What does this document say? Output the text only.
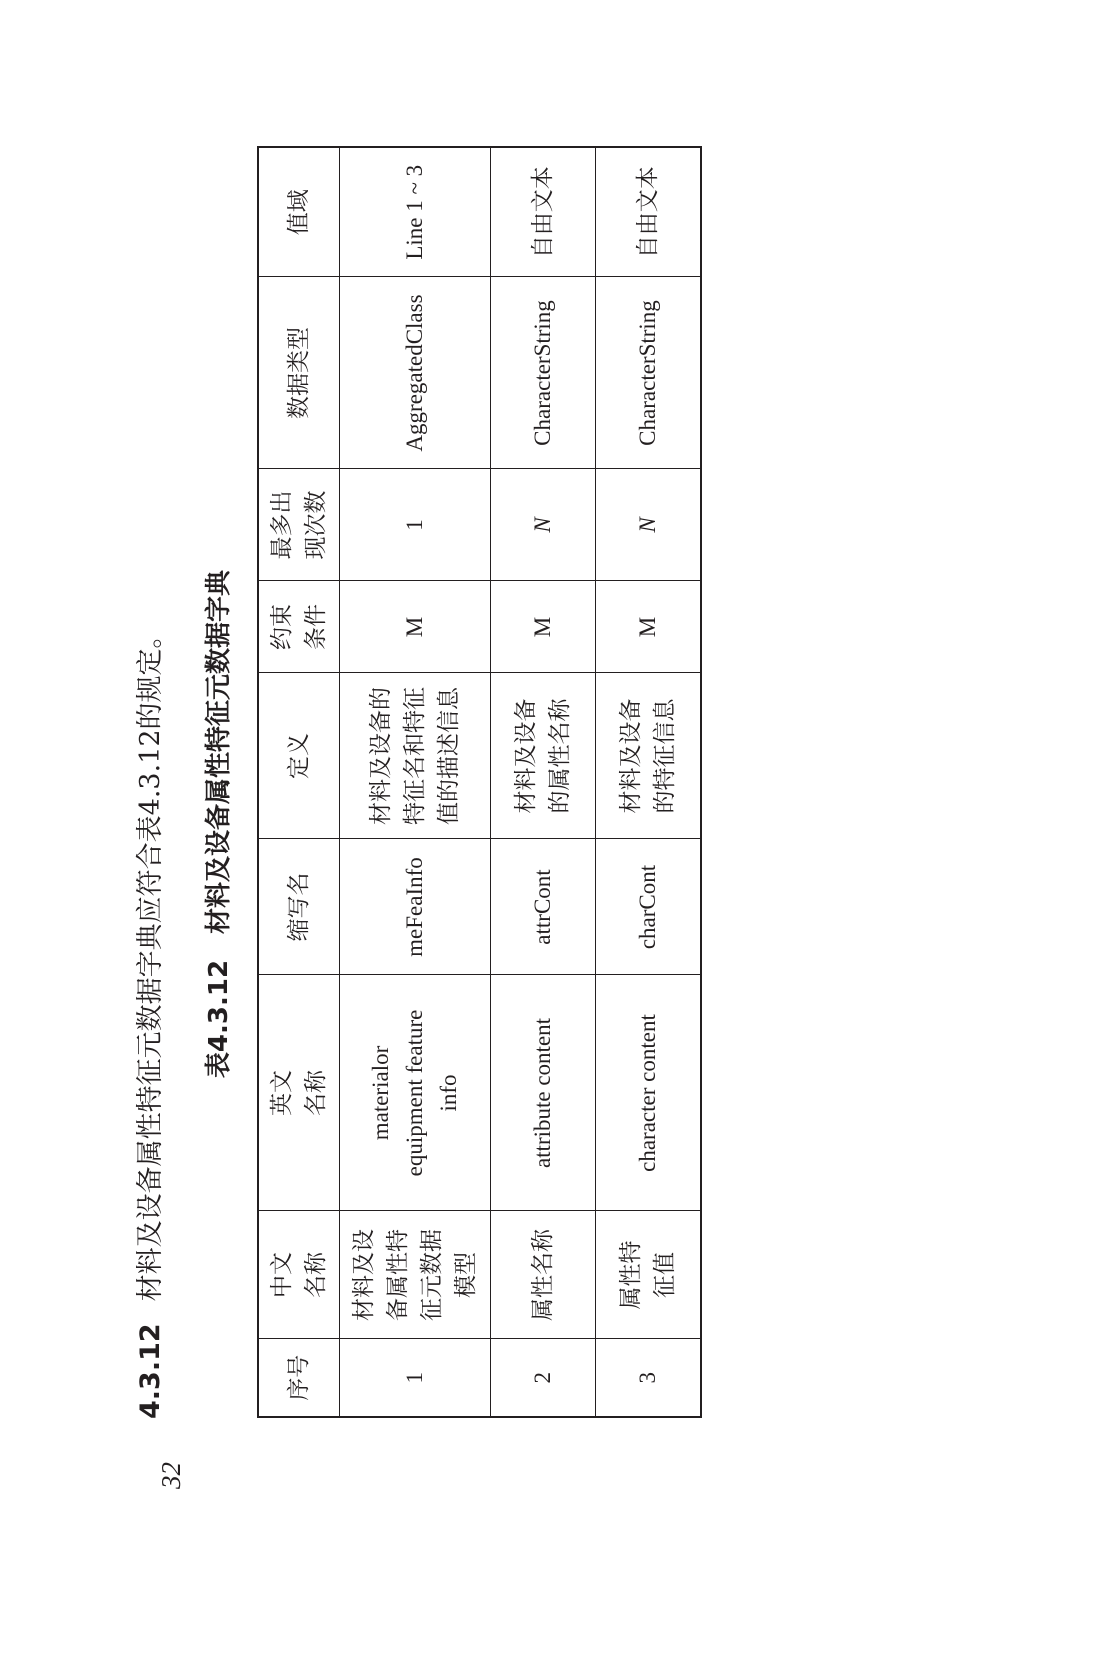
32
4.3.12材料及设备属性特征元数据字典应符合表4.3.12的规定。 表4.3.12材料及设备属性特征元数据字典
序号	中文名称	英文名称	缩写名	定义	约束条件	最多出现次数	数据类型	值域
1	材料及设备属性特征元数据模型	materialor equipment feature info	meFeaInfo	材料及设备的特征名和特征值的描述信息	M	1	AggregatedClass	Line 1 ~ 3
2	属性名称	attribute content	attrCont	材料及设备的属性名称	M	N	CharacterString	自由文本
3	属性特征值	character content	charCont	材料及设备的特征信息	M	N	CharacterString	自由文本
